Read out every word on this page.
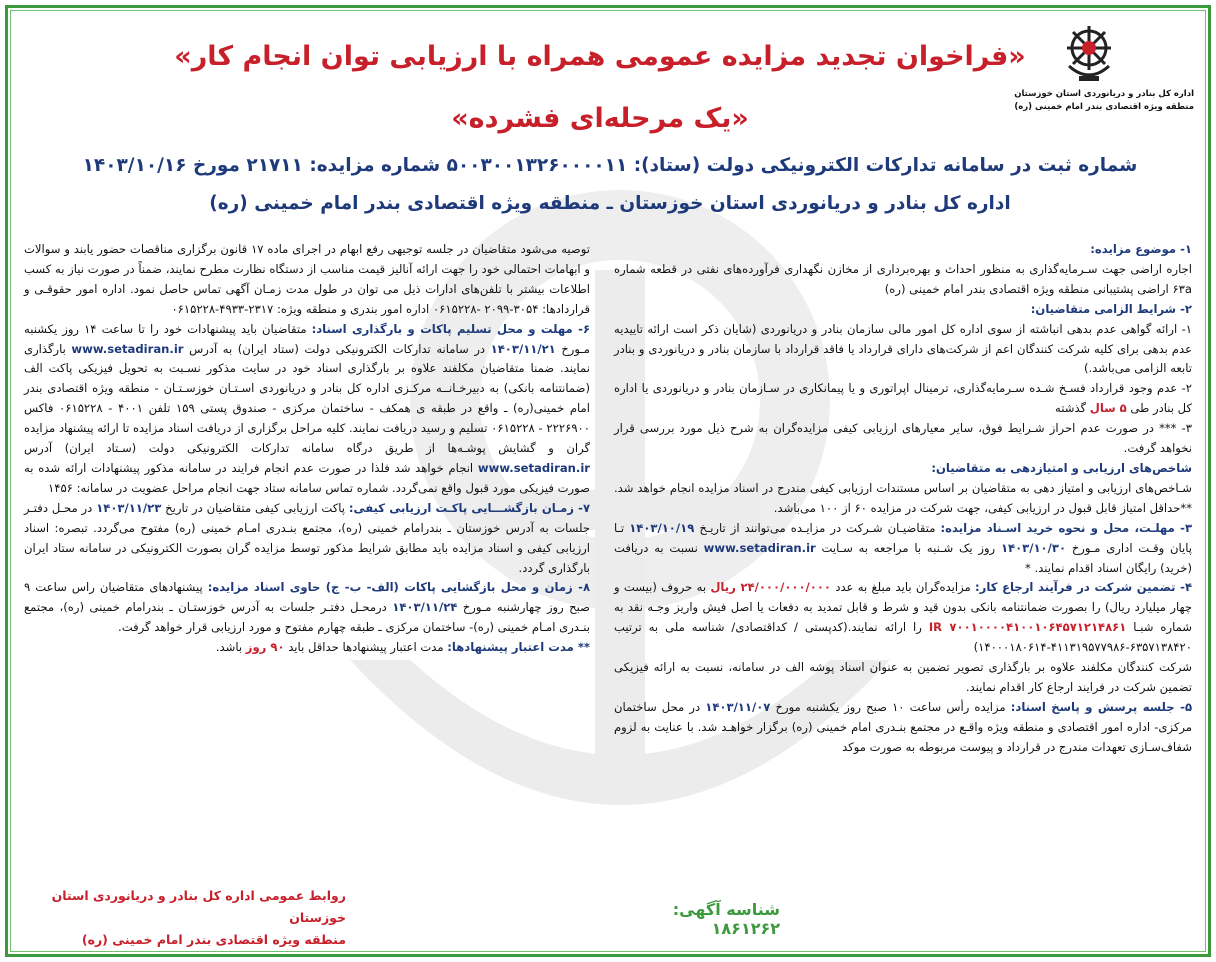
اداره کل بنادر و دریانوردی استان خوزستان
منطقه ویژه اقتصادی بندر امام خمینی (ره)
«فراخوان تجدید مزایده عمومی همراه با ارزیابی توان انجام کار»
«یک مرحله‌ای فشرده»
شماره ثبت در سامانه تدارکات الکترونیکی دولت (ستاد): ۵۰۰۳۰۰۱۳۲۶۰۰۰۰۱۱ شماره مزایده: ۲۱۷۱۱ مورخ ۱۴۰۳/۱۰/۱۶
اداره کل بنادر و دریانوردی استان خوزستان ـ منطقه ویژه اقتصادی بندر امام خمینی (ره)

۱- موضوع مزایده:

اجاره اراضی جهت سـرمایه‌گذاری به منظور احداث و بهره‌برداری از مخازن نگهداری فرآورده‌های نفتی در قطعه شماره ۶۳a اراضی پشتیبانی منطقه ویژه اقتصادی بندر امام خمینی (ره)

۲- شرایط الزامی متقاضیان:

۱- ارائه گواهی عدم بدهی انباشته از سوی اداره کل امور مالی سازمان بنادر و دریانوردی (شایان ذکر است ارائه تاییدیه عدم بدهی برای کلیه شرکت کنندگان اعم از شرکت‌های دارای قرارداد یا فاقد قرارداد با سازمان بنادر و دریانوردی و بنادر تابعه الزامی می‌باشد.)

۲- عدم وجود قرارداد فسـخ شـده سـرمایه‌گذاری، ترمینال اپراتوری و یا پیمانکاری در سـازمان بنادر و دریانوردی یا اداره کل بنادر طی ۵ سال گذشته

۳- *** در صورت عدم احراز شـرایط فوق، سایر معیارهای ارزیابی کیفی مزایده‌گران به شرح ذیل مورد بررسی قرار نخواهد گرفت.

شاخص‌های ارزیابی و امتیازدهی به متقاضیان:

شـاخص‌های ارزیابی و امتیاز دهی به متقاضیان بر اساس مستندات ارزیابی کیفی مندرج در اسناد مزایده انجام خواهد شد. **حداقل امتیاز قابل قبول در ارزیابی کیفی، جهت شرکت در مزایده ۶۰ از ۱۰۰ می‌باشد.

۳- مهلـت، محل و نحوه خرید اسـناد مزایده: متقاضیـان شـرکت در مزایـده می‌توانند از تاریـخ ۱۴۰۳/۱۰/۱۹ تـا پایان وقـت اداری مـورخ ۱۴۰۳/۱۰/۳۰ روز یک شـنبه با مراجعه به سـایت www.setadiran.ir نسبت به دریافت (خرید) رایگان اسناد اقدام نمایند. *

۴- تضمین شرکت در فرآیند ارجاع کار: مزایده‌گران باید مبلغ به عدد ۲۴/۰۰۰/۰۰۰/۰۰۰ ریال به حروف (بیست و چهار میلیارد ریال) را بصورت ضمانتنامه بانکی بدون قید و شرط و قابل تمدید به دفعات یا اصل فیش واریز وجـه نقد به شماره شبـا IR ۷۰۰۱۰۰۰۰۴۱۰۰۱۰۶۴۵۷۱۲۱۴۸۶۱ را ارائه نمایند.(کدپستی / کداقتصادی/ شناسه ملی به ترتیب ۶۳۵۷۱۳۸۴۲۰-۴۱۱۳۱۹۵۷۷۹۸۶-۱۴۰۰۰۱۸۰۶۱۴)

شرکت کنندگان مکلفند علاوه بر بارگذاری تصویر تضمین به عنوان اسناد پوشه الف در سامانه، نسبت به ارائه فیزیکی تضمین شرکت در فرایند ارجاع کار اقدام نمایند.

۵- جلسه پرسش و پاسخ اسناد: مزایده رأس ساعت ۱۰ صبح روز یکشنبه مورخ ۱۴۰۳/۱۱/۰۷ در محل ساختمان مرکزی- اداره امور اقتصادی و منطقه ویژه واقـع در مجتمع بنـدری امام خمینی (ره) برگزار خواهـد شد. با عنایت به لزوم شفاف‌سـازی تعهدات مندرج در قرارداد و پیوست مربوطه به صورت موکد

توصیه می‌شود متقاضیان در جلسه توجیهی رفع ابهام در اجرای ماده ۱۷ قانون برگزاری مناقصات حضور یابند و سوالات و ابهامات احتمالی خود را جهت ارائه آنالیز قیمت مناسب از دستگاه نظارت مطرح نمایند، ضمناً در صورت نیاز به کسب اطلاعات بیشتر با تلفن‌های ادارات ذیل می توان در طول مدت زمـان آگهی تماس حاصل نمود. اداره امور حقوقـی و قراردادها: ۳۰۵۴-۲۰۹۹ -۰۶۱۵۲۲۸ اداره امور بندری و منطقه ویژه: ۲۳۱۷-۴۹۳۳-۰۶۱۵۲۲۸

۶- مهلت و محل تسلیم پاکات و بارگذاری اسناد: متقاضیان باید پیشنهادات خود را تا ساعت ۱۴ روز یکشنبه مـورخ ۱۴۰۳/۱۱/۲۱ در سامانه تدارکات الکترونیکی دولت (ستاد ایران) به آدرس www.setadiran.ir بارگذاری نمایند. ضمنا متقاضیان مکلفند علاوه بر بارگذاری اسناد خود در سایت مذکور نسـبت به تحویل فیزیکی پاکت الف (ضمانتنامه بانکی) به دبیرخـانــه مرکـزی اداره کل بنادر و دریانوردی اسـتـان خوزسـتـان - منطقه ویژه اقتصادی بندر امام خمینی(ره) ـ واقع در طبقه ی همکف - ساختمان مرکزی - صندوق پستی ۱۵۹ تلفن ۴۰۰۱ - ۰۶۱۵۲۲۸ فاکس ۲۲۲۶۹۰۰ - ۰۶۱۵۲۲۸ تسلیم و رسید دریافت نمایند. کلیه مراحل برگزاری از دریافت اسناد مزایده تا ارائه پیشنهاد مزایده گران و گشایش پوشـه‌ها از طریق درگاه سامانه تدارکات الکترونیکی دولت (سـتاد ایران) آدرس www.setadiran.ir انجام خواهد شد فلذا در صورت عدم انجام فرایند در سامانه مذکور پیشنهادات ارائه شده به صورت فیزیکی مورد قبول واقع نمی‌گردد. شماره تماس سامانه ستاد جهت انجام مراحل عضویت در سامانه: ۱۴۵۶

۷- زمـان بازگشـــایی پاکـت ارزیابی کیفی: پاکت ارزیابی کیفی متقاضیان در تاریخ ۱۴۰۳/۱۱/۲۳ در محـل دفتـر جلسات به آدرس خوزستان ـ بندرامام خمینی (ره)، مجتمع بنـدری امـام خمینی (ره) مفتوح می‌گردد. تبصره: اسناد ارزیابی کیفی و اسناد مزایده باید مطابق شرایط مذکور توسط مزایده گران بصورت الکترونیکی در سامانه ستاد ایران بارگذاری گردد.

۸- زمان و محل بازگشایی پاکات (الف- ب- ج) حاوی اسناد مزایده: پیشنهادهای متقاضیان راس ساعت ۹ صبح روز چهارشنبه مـورخ ۱۴۰۳/۱۱/۲۴ درمحـل دفتـر جلسات به آدرس خوزستـان ـ بندرامام خمینی (ره)، مجتمع بنـدری امـام خمینی (ره)- ساختمان مرکزی ـ طبقه چهارم مفتوح و مورد ارزیابی قرار خواهد گرفت.

** مدت اعتبار پیشنهادها: مدت اعتبار پیشنهادها حداقل باید ۹۰ روز باشد.

شناسه آگهی: ۱۸۶۱۲۶۲
روابط عمومی اداره کل بنادر و دریانوردی استان خوزستان
منطقه ویژه اقتصادی بندر امام خمینی (ره)
